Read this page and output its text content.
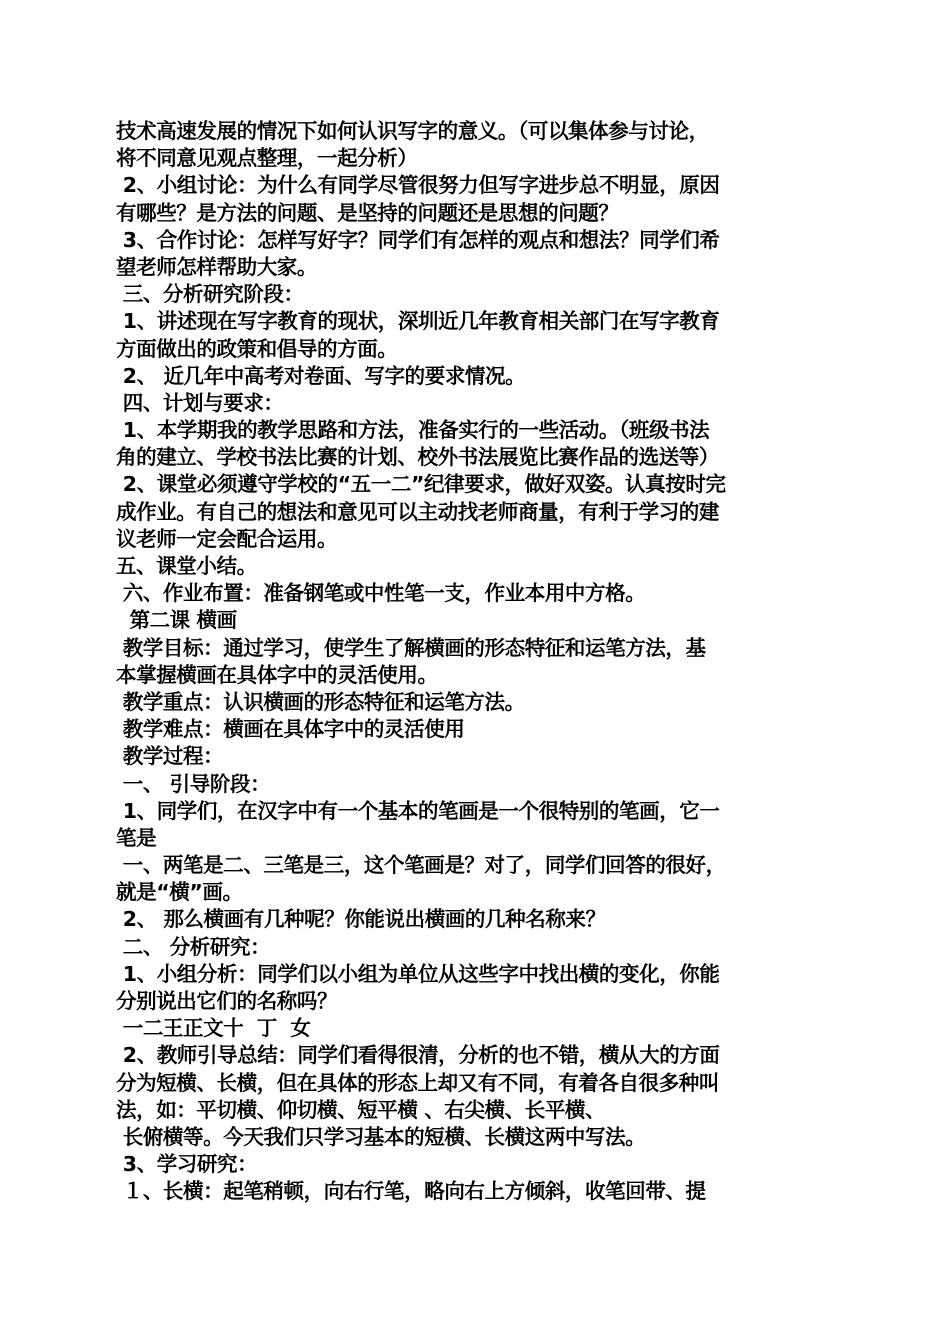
技术高速发展的情况下如何认识写字的意义。（可以集体参与讨论，
将不同意见观点整理，一起分析）
2、小组讨论：为什么有同学尽管很努力但写字进步总不明显，原因
有哪些？是方法的问题、是坚持的问题还是思想的问题？
3、合作讨论：怎样写好字？同学们有怎样的观点和想法？同学们希
望老师怎样帮助大家。
三、分析研究阶段：
1、讲述现在写字教育的现状，深圳近几年教育相关部门在写字教育
方面做出的政策和倡导的方面。
2、 近几年中高考对卷面、写字的要求情况。
四、计划与要求：
1、本学期我的教学思路和方法，准备实行的一些活动。（班级书法
角的建立、学校书法比赛的计划、校外书法展览比赛作品的选送等）
2、课堂必须遵守学校的“五一二”纪律要求，做好双姿。认真按时完
成作业。有自己的想法和意见可以主动找老师商量，有利于学习的建
议老师一定会配合运用。
五、课堂小结。
六、作业布置：准备钢笔或中性笔一支，作业本用中方格。
第二课 横画
教学目标：通过学习，使学生了解横画的形态特征和运笔方法，基
本掌握横画在具体字中的灵活使用。
教学重点：认识横画的形态特征和运笔方法。
教学难点：横画在具体字中的灵活使用
教学过程：
一、 引导阶段：
1、同学们，在汉字中有一个基本的笔画是一个很特别的笔画，它一
笔是
一、两笔是二、三笔是三，这个笔画是？对了，同学们回答的很好，
就是“横”画。
2、 那么横画有几种呢？你能说出横画的几种名称来？
二、 分析研究：
1、小组分析：同学们以小组为单位从这些字中找出横的变化，你能
分别说出它们的名称吗？
一二王正文十  丁  女
2、教师引导总结：同学们看得很清，分析的也不错，横从大的方面
分为短横、长横，但在具体的形态上却又有不同，有着各自很多种叫
法，如：平切横、仰切横、短平横 、右尖横、长平横、
长俯横等。今天我们只学习基本的短横、长横这两中写法。
3、学习研究：
１、长横：起笔稍顿，向右行笔，略向右上方倾斜，收笔回带、提
